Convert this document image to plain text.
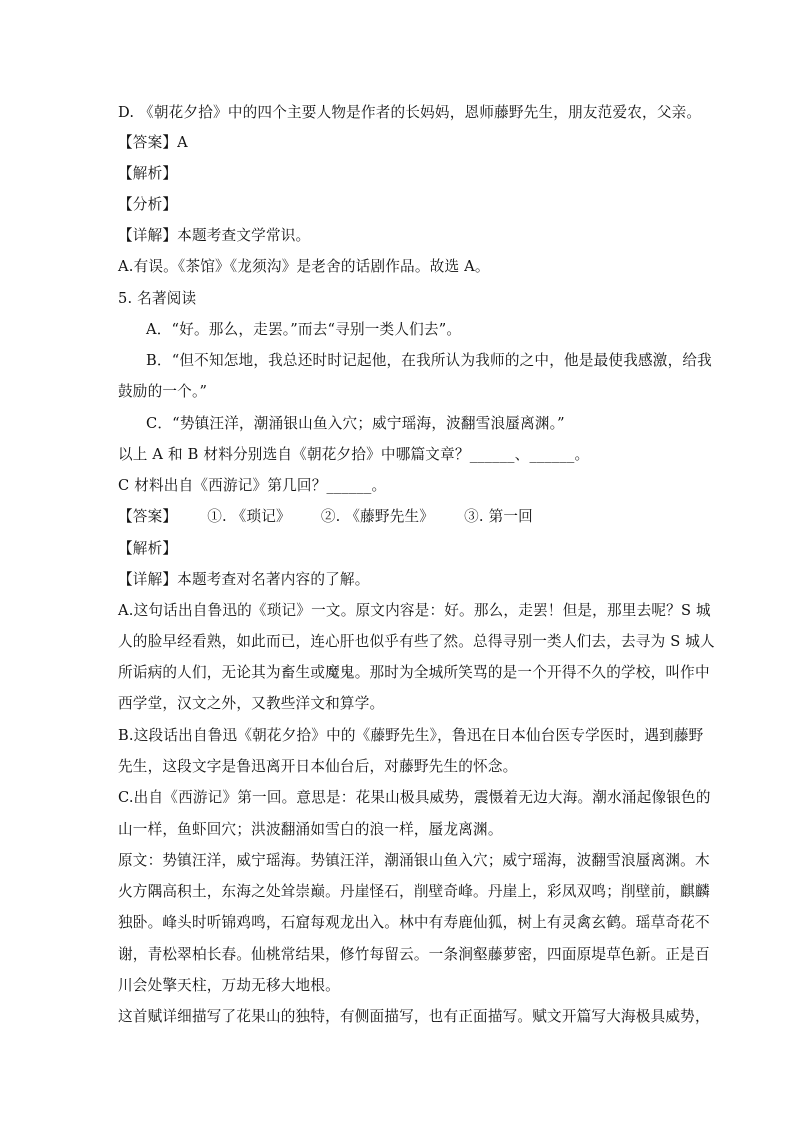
D. 《朝花夕拾》中的四个主要人物是作者的长妈妈，恩师藤野先生，朋友范爱农，父亲。
【答案】A
【解析】
【分析】
【详解】本题考查文学常识。
A.有误。《茶馆》《龙须沟》是老舍的话剧作品。故选 A。
5. 名著阅读
A．“好。那么，走罢。”而去“寻别一类人们去”。
B．“但不知怎地，我总还时时记起他，在我所认为我师的之中，他是最使我感激，给我
鼓励的一个。”
C．“势镇汪洋，潮涌银山鱼入穴；威宁瑶海，波翻雪浪蜃离渊。”
以上 A 和 B 材料分别选自《朝花夕拾》中哪篇文章？______、______。
C 材料出自《西游记》第几回？______。
【答案】 ①. 《琐记》 ②. 《藤野先生》 ③. 第一回
【解析】
【详解】本题考查对名著内容的了解。
A.这句话出自鲁迅的《琐记》一文。原文内容是：好。那么，走罢！但是，那里去呢？S 城
人的脸早经看熟，如此而已，连心肝也似乎有些了然。总得寻别一类人们去，去寻为 S 城人
所诟病的人们，无论其为畜生或魔鬼。那时为全城所笑骂的是一个开得不久的学校，叫作中
西学堂，汉文之外，又教些洋文和算学。
B.这段话出自鲁迅《朝花夕拾》中的《藤野先生》，鲁迅在日本仙台医专学医时，遇到藤野
先生，这段文字是鲁迅离开日本仙台后，对藤野先生的怀念。
C.出自《西游记》第一回。意思是：花果山极具威势，震慑着无边大海。潮水涌起像银色的
山一样，鱼虾回穴；洪波翻涌如雪白的浪一样，蜃龙离渊。
原文：势镇汪洋，威宁瑶海。势镇汪洋，潮涌银山鱼入穴；威宁瑶海，波翻雪浪蜃离渊。木
火方隅高积土，东海之处耸崇巅。丹崖怪石，削壁奇峰。丹崖上，彩凤双鸣；削壁前，麒麟
独卧。峰头时听锦鸡鸣，石窟每观龙出入。林中有寿鹿仙狐，树上有灵禽玄鹤。瑶草奇花不
谢，青松翠柏长春。仙桃常结果，修竹每留云。一条涧壑藤萝密，四面原堤草色新。正是百
川会处擎天柱，万劫无移大地根。
这首赋详细描写了花果山的独特，有侧面描写，也有正面描写。赋文开篇写大海极具威势，
